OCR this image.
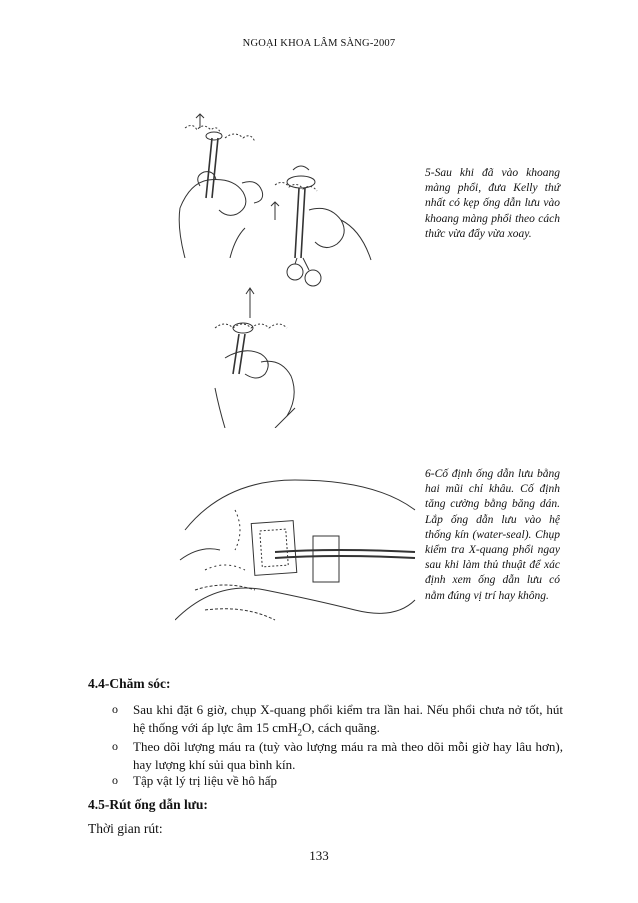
NGOẠI KHOA LÂM SÀNG-2007
5-Sau khi đã vào khoang màng phổi, đưa Kelly thứ nhất có kẹp ống dẫn lưu vào khoang màng phổi theo cách thức vừa đẩy vừa xoay.
6-Cố định ống dẫn lưu bằng hai mũi chỉ khâu. Cố định tăng cường bằng băng dán. Lắp ống dẫn lưu vào hệ thống kín (water-seal). Chụp kiểm tra X-quang phổi ngay sau khi làm thủ thuật để xác định xem ống dẫn lưu có nằm đúng vị trí hay không.
4.4-Chăm sóc:
o Sau khi đặt 6 giờ, chụp X-quang phổi kiểm tra lần hai. Nếu phổi chưa nở tốt, hút hệ thống với áp lực âm 15 cmH$_2$O, cách quãng.
o Theo dõi lượng máu ra (tuỳ vào lượng máu ra mà theo dõi mỗi giờ hay lâu hơn), hay lượng khí sủi qua bình kín.
o Tập vật lý trị liệu về hô hấp
4.5-Rút ống dẫn lưu:
Thời gian rút:
133
